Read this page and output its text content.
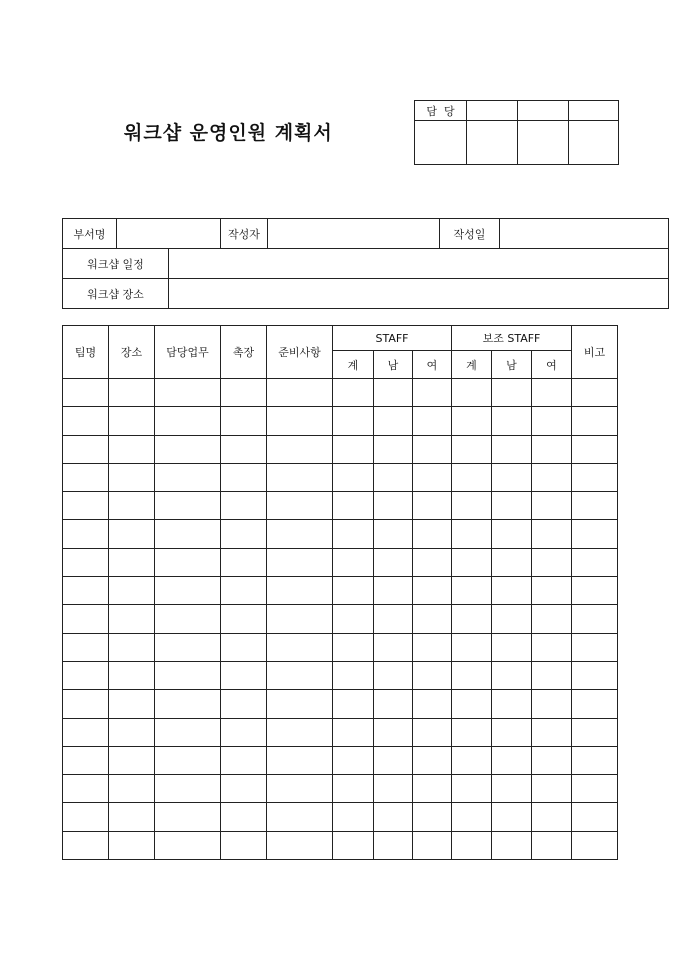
워크샵 운영인원 계획서
담  당			

부서명			작성자		작성일	
워크샵 일정						
워크샵 장소						
팀명	장소	담당업무	촉장	준비사항	STAFF			보조 STAFF			비고
					계	남	여	계	남	여	
